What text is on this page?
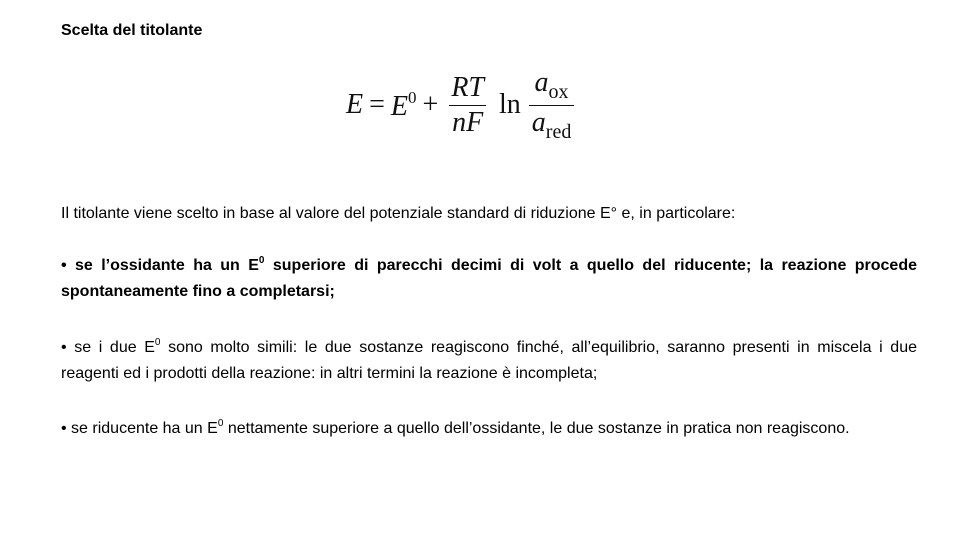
Scelta del titolante
$E = E^0 + \frac{RT}{nF}$ $\ln \frac{a_{ox}}{a_{red}}$
Il titolante viene scelto in base al valore del potenziale standard di riduzione E° e, in particolare:
• se l’ossidante ha un $E^0$ superiore di parecchi decimi di volt a quello del riducente; la reazione procede spontaneamente fino a completarsi;
• se i due $E^0$ sono molto simili: le due sostanze reagiscono finché, all’equilibrio, saranno presenti in miscela i due reagenti ed i prodotti della reazione: in altri termini la reazione è incompleta;
• se riducente ha un $E^0$ nettamente superiore a quello dell’ossidante, le due sostanze in pratica non reagiscono.
